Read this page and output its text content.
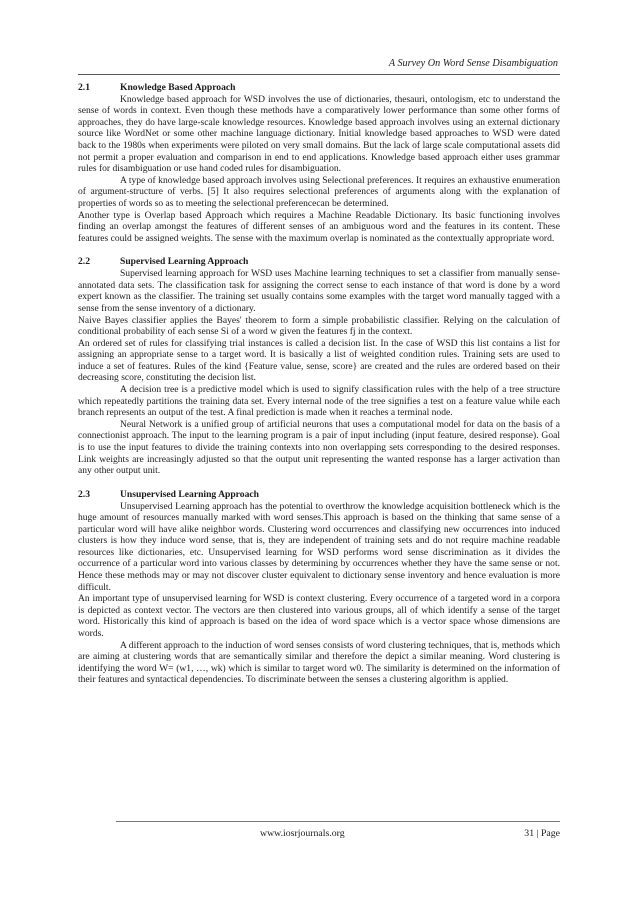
A Survey On Word Sense Disambiguation
2.1	Knowledge Based Approach

Knowledge based approach for WSD involves the use of dictionaries, thesauri, ontologism, etc to understand the sense of words in context. Even though these methods have a comparatively lower performance than some other forms of approaches, they do have large-scale knowledge resources. Knowledge based approach involves using an external dictionary source like WordNet or some other machine language dictionary. Initial knowledge based approaches to WSD were dated back to the 1980s when experiments were piloted on very small domains. But the lack of large scale computational assets did not permit a proper evaluation and comparison in end to end applications. Knowledge based approach either uses grammar rules for disambiguation or use hand coded rules for disambiguation.

A type of knowledge based approach involves using Selectional preferences. It requires an exhaustive enumeration of argument-structure of verbs. [5] It also requires selectional preferences of arguments along with the explanation of properties of words so as to meeting the selectional preferencecan be determined.

Another type is Overlap based Approach which requires a Machine Readable Dictionary. Its basic functioning involves finding an overlap amongst the features of different senses of an ambiguous word and the features in its content. These features could be assigned weights. The sense with the maximum overlap is nominated as the contextually appropriate word.

2.2	Supervised Learning Approach

Supervised learning approach for WSD uses Machine learning techniques to set a classifier from manually sense-annotated data sets. The classification task for assigning the correct sense to each instance of that word is done by a word expert known as the classifier. The training set usually contains some examples with the target word manually tagged with a sense from the sense inventory of a dictionary.

Naive Bayes classifier applies the Bayes' theorem to form a simple probabilistic classifier. Relying on the calculation of conditional probability of each sense Si of a word w given the features fj in the context.

An ordered set of rules for classifying trial instances is called a decision list. In the case of WSD this list contains a list for assigning an appropriate sense to a target word. It is basically a list of weighted condition rules. Training sets are used to induce a set of features. Rules of the kind {Feature value, sense, score} are created and the rules are ordered based on their decreasing score, constituting the decision list.

A decision tree is a predictive model which is used to signify classification rules with the help of a tree structure which repeatedly partitions the training data set. Every internal node of the tree signifies a test on a feature value while each branch represents an output of the test. A final prediction is made when it reaches a terminal node.

Neural Network is a unified group of artificial neurons that uses a computational model for data on the basis of a connectionist approach. The input to the learning program is a pair of input including (input feature, desired response). Goal is to use the input features to divide the training contexts into non overlapping sets corresponding to the desired responses. Link weights are increasingly adjusted so that the output unit representing the wanted response has a larger activation than any other output unit.

2.3	Unsupervised Learning Approach

Unsupervised Learning approach has the potential to overthrow the knowledge acquisition bottleneck which is the huge amount of resources manually marked with word senses.This approach is based on the thinking that same sense of a particular word will have alike neighbor words. Clustering word occurrences and classifying new occurrences into induced clusters is how they induce word sense, that is, they are independent of training sets and do not require machine readable resources like dictionaries, etc. Unsupervised learning for WSD performs word sense discrimination as it divides the occurrence of a particular word into various classes by determining by occurrences whether they have the same sense or not. Hence these methods may or may not discover cluster equivalent to dictionary sense inventory and hence evaluation is more difficult.

An important type of unsupervised learning for WSD is context clustering. Every occurrence of a targeted word in a corpora is depicted as context vector. The vectors are then clustered into various groups, all of which identify a sense of the target word. Historically this kind of approach is based on the idea of word space which is a vector space whose dimensions are words.

A different approach to the induction of word senses consists of word clustering techniques, that is, methods which are aiming at clustering words that are semantically similar and therefore the depict a similar meaning. Word clustering is identifying the word W= (w1, …, wk) which is similar to target word w0. The similarity is determined on the information of their features and syntactical dependencies. To discriminate between the senses a clustering algorithm is applied.

www.iosrjournals.org	31 | Page
